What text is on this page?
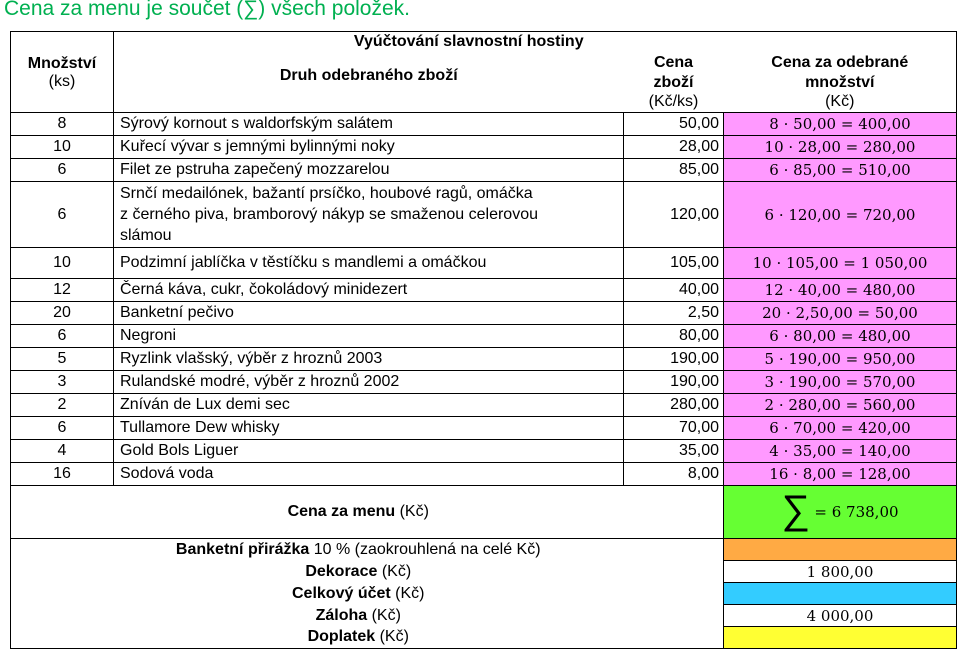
Cena za menu je součet (∑) všech položek.
Množství	Vyúčtování slavnostní hostiny		
	Druh odebraného zboží	Cena	Cena za odebrané
(ks)		zboží	množství
		(Kč/ks)	(Kč)
8	Sýrový kornout s waldorfským salátem	50,00	8 · 50,00 = 400,00
10	Kuřecí vývar s jemnými bylinnými noky	28,00	10 · 28,00 = 280,00
6	Filet ze pstruha zapečený mozzarelou	85,00	6 · 85,00 = 510,00
6	Srnčí medailónek, bažantí prsíčko, houbové ragů, omáčka
z černého piva, bramborový nákyp se smaženou celerovou
slámou	120,00	6 · 120,00 = 720,00
10	Podzimní jablíčka v těstíčku s mandlemi a omáčkou	105,00	10 · 105,00 = 1 050,00
12	Černá káva, cukr, čokoládový minidezert	40,00	12 · 40,00 = 480,00
20	Banketní pečivo	2,50	20 · 2,50,00 = 50,00
6	Negroni	80,00	6 · 80,00 = 480,00
5	Ryzlink vlašský, výběr z hroznů 2003	190,00	5 · 190,00 = 950,00
3	Rulandské modré, výběr z hroznů 2002	190,00	3 · 190,00 = 570,00
2	Zníván de Lux demi sec	280,00	2 · 280,00 = 560,00
6	Tullamore Dew whisky	70,00	6 · 70,00 = 420,00
4	Gold Bols Liguer	35,00	4 · 35,00 = 140,00
16	Sodová voda	8,00	16 · 8,00 = 128,00
	Cena za menu (Kč)		∑ = 6 738,00
	Banketní přirážka 10 % (zaokrouhlená na celé Kč)		
	Dekorace (Kč)		1 800,00
	Celkový účet (Kč)		
	Záloha (Kč)		4 000,00
	Doplatek (Kč)		
